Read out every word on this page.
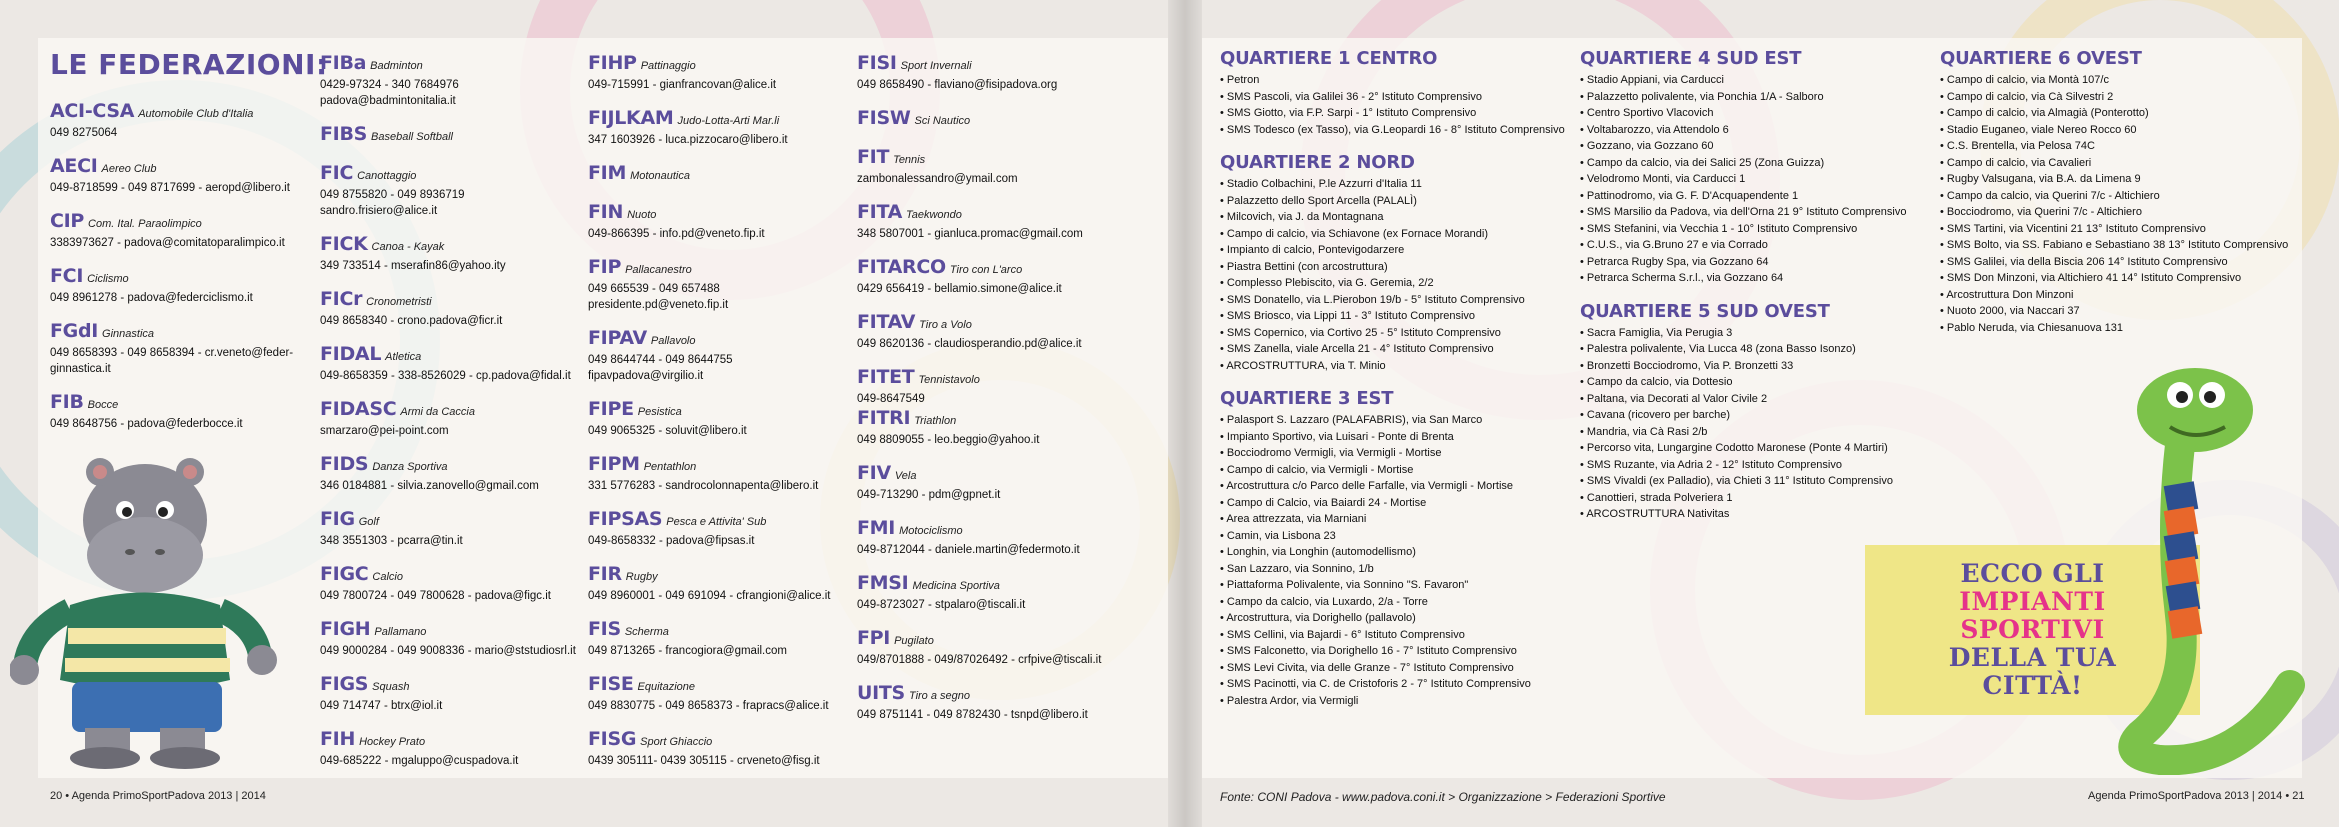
LE FEDERAZIONI:
ACI-CSA Automobile Club d'Italia
049 8275064
AECI Aereo Club
049-8718599 - 049 8717699 - aeropd@libero.it
CIP Com. Ital. Paraolimpico
3383973627 - padova@comitatoparalimpico.it
FCI Ciclismo
049 8961278 - padova@federciclismo.it
FGdI Ginnastica
049 8658393 - 049 8658394 - cr.veneto@feder-
ginnastica.it
FIB Bocce
049 8648756 - padova@federbocce.it
FIBa Badminton
0429-97324 - 340 7684976
padova@badmintonitalia.it
FIBS Baseball Softball
FIC Canottaggio
049 8755820 - 049 8936719
sandro.frisiero@alice.it
FICK Canoa - Kayak
349 733514 - mserafin86@yahoo.ity
FICr Cronometristi
049 8658340 - crono.padova@ficr.it
FIDAL Atletica
049-8658359 - 338-8526029 - cp.padova@fidal.it
FIDASC Armi da Caccia
smarzaro@pei-point.com
FIDS Danza Sportiva
346 0184881 - silvia.zanovello@gmail.com
FIG Golf
348 3551303 - pcarra@tin.it
FIGC Calcio
049 7800724 - 049 7800628 - padova@figc.it
FIGH Pallamano
049 9000284 - 049 9008336 - mario@ststudiosrl.it
FIGS Squash
049 714747 - btrx@iol.it
FIH Hockey Prato
049-685222 - mgaluppo@cuspadova.it
FIHP Pattinaggio
049-715991 - gianfrancovan@alice.it
FIJLKAM Judo-Lotta-Arti Mar.li
347 1603926 - luca.pizzocaro@libero.it
FIM Motonautica
FIN Nuoto
049-866395 - info.pd@veneto.fip.it
FIP Pallacanestro
049 665539 - 049 657488
presidente.pd@veneto.fip.it
FIPAV Pallavolo
049 8644744 - 049 8644755
fipavpadova@virgilio.it
FIPE Pesistica
049 9065325 - soluvit@libero.it
FIPM Pentathlon
331 5776283 - sandrocolonnapenta@libero.it
FIPSAS Pesca e Attivita' Sub
049-8658332 - padova@fipsas.it
FIR Rugby
049 8960001 - 049 691094 - cfrangioni@alice.it
FIS Scherma
049 8713265 - francogiora@gmail.com
FISE Equitazione
049 8830775 - 049 8658373 - frapracs@alice.it
FISG Sport Ghiaccio
0439 305111- 0439 305115 - crveneto@fisg.it
FISI Sport Invernali
049 8658490 - flaviano@fisipadova.org
FISW Sci Nautico
FIT Tennis
zambonalessandro@ymail.com
FITA Taekwondo
348 5807001 - gianluca.promac@gmail.com
FITARCO Tiro con L'arco
0429 656419 - bellamio.simone@alice.it
FITAV Tiro a Volo
049 8620136 - claudiosperandio.pd@alice.it
FITET Tennistavolo
049-8647549
FITRI Triathlon
049 8809055 - leo.beggio@yahoo.it
FIV Vela
049-713290 - pdm@gpnet.it
FMI Motociclismo
049-8712044 - daniele.martin@federmoto.it
FMSI Medicina Sportiva
049-8723027 - stpalaro@tiscali.it
FPI Pugilato
049/8701888 - 049/87026492 - crfpive@tiscali.it
UITS Tiro a segno
049 8751141 - 049 8782430 - tsnpd@libero.it
20 • Agenda PrimoSportPadova 2013 | 2014
QUARTIERE 1 CENTRO
• Petron
• SMS Pascoli, via Galilei 36 - 2° Istituto Comprensivo
• SMS Giotto, via F.P. Sarpi - 1° Istituto Comprensivo
• SMS Todesco (ex Tasso), via G.Leopardi 16 - 8° Istituto Comprensivo
QUARTIERE 2 NORD
• Stadio Colbachini, P.le Azzurri d'Italia 11
• Palazzetto dello Sport Arcella (PALALÌ)
• Milcovich, via J. da Montagnana
• Campo di calcio, via Schiavone (ex Fornace Morandi)
• Impianto di calcio, Pontevigodarzere
• Piastra Bettini (con arcostruttura)
• Complesso Plebiscito, via G. Geremia, 2/2
• SMS Donatello, via L.Pierobon 19/b - 5° Istituto Comprensivo
• SMS Briosco, via Lippi 11 - 3° Istituto Comprensivo
• SMS Copernico, via Cortivo 25 - 5° Istituto Comprensivo
• SMS Zanella, viale Arcella 21 - 4° Istituto Comprensivo
• ARCOSTRUTTURA, via T. Minio
QUARTIERE 3 EST
• Palasport S. Lazzaro (PALAFABRIS), via San Marco
• Impianto Sportivo, via Luisari - Ponte di Brenta
• Bocciodromo Vermigli, via Vermigli - Mortise
• Campo di calcio, via Vermigli - Mortise
• Arcostruttura c/o Parco delle Farfalle, via Vermigli - Mortise
• Campo di Calcio, via Baiardi 24 - Mortise
• Area attrezzata, via Marniani
• Camin, via Lisbona 23
• Longhin, via Longhin (automodellismo)
• San Lazzaro, via Sonnino, 1/b
• Piattaforma Polivalente, via Sonnino "S. Favaron"
• Campo da calcio, via Luxardo, 2/a - Torre
• Arcostruttura, via Dorighello (pallavolo)
• SMS Cellini, via Bajardi - 6° Istituto Comprensivo
• SMS Falconetto, via Dorighello 16 - 7° Istituto Comprensivo
• SMS Levi Civita, via delle Granze - 7° Istituto Comprensivo
• SMS Pacinotti, via C. de Cristoforis 2 - 7° Istituto Comprensivo
• Palestra Ardor, via Vermigli
QUARTIERE 4 SUD EST
• Stadio Appiani, via Carducci
• Palazzetto polivalente, via Ponchia 1/A - Salboro
• Centro Sportivo Vlacovich
• Voltabarozzo, via Attendolo 6
• Gozzano, via Gozzano 60
• Campo da calcio, via dei Salici 25 (Zona Guizza)
• Velodromo Monti, via Carducci 1
• Pattinodromo, via G. F. D'Acquapendente 1
• SMS Marsilio da Padova, via dell'Orna 21 9° Istituto Comprensivo
• SMS Stefanini, via Vecchia 1 - 10° Istituto Comprensivo
• C.U.S., via G.Bruno 27 e via Corrado
• Petrarca Rugby Spa, via Gozzano 64
• Petrarca Scherma S.r.l., via Gozzano 64
QUARTIERE 5 SUD OVEST
• Sacra Famiglia, Via Perugia 3
• Palestra polivalente, Via Lucca 48 (zona Basso Isonzo)
• Bronzetti Bocciodromo, Via P. Bronzetti 33
• Campo da calcio, via Dottesio
• Paltana, via Decorati al Valor Civile 2
• Cavana (ricovero per barche)
• Mandria, via Cà Rasi 2/b
• Percorso vita, Lungargine Codotto Maronese (Ponte 4 Martiri)
• SMS Ruzante, via Adria 2 - 12° Istituto Comprensivo
• SMS Vivaldi (ex Palladio), via Chieti 3 11° Istituto Comprensivo
• Canottieri, strada Polveriera 1
• ARCOSTRUTTURA Nativitas
QUARTIERE 6 OVEST
• Campo di calcio, via Montà 107/c
• Campo di calcio, via Cà Silvestri 2
• Campo di calcio, via Almagià (Ponterotto)
• Stadio Euganeo, viale Nereo Rocco 60
• C.S. Brentella, via Pelosa 74C
• Campo di calcio, via Cavalieri
• Rugby Valsugana, via B.A. da Limena 9
• Campo da calcio, via Querini 7/c - Altichiero
• Bocciodromo, via Querini 7/c - Altichiero
• SMS Tartini, via Vicentini 21 13° Istituto Comprensivo
• SMS Bolto, via SS. Fabiano e Sebastiano 38 13° Istituto Comprensivo
• SMS Galilei, via della Biscia 206 14° Istituto Comprensivo
• SMS Don Minzoni, via Altichiero 41 14° Istituto Comprensivo
• Arcostruttura Don Minzoni
• Nuoto 2000, via Naccari 37
• Pablo Neruda, via Chiesanuova 131
ECCO GLI
IMPIANTI
SPORTIVI
DELLA TUA
CITTÀ!
Fonte: CONI Padova - www.padova.coni.it > Organizzazione > Federazioni Sportive	Agenda PrimoSportPadova 2013 | 2014 • 21
